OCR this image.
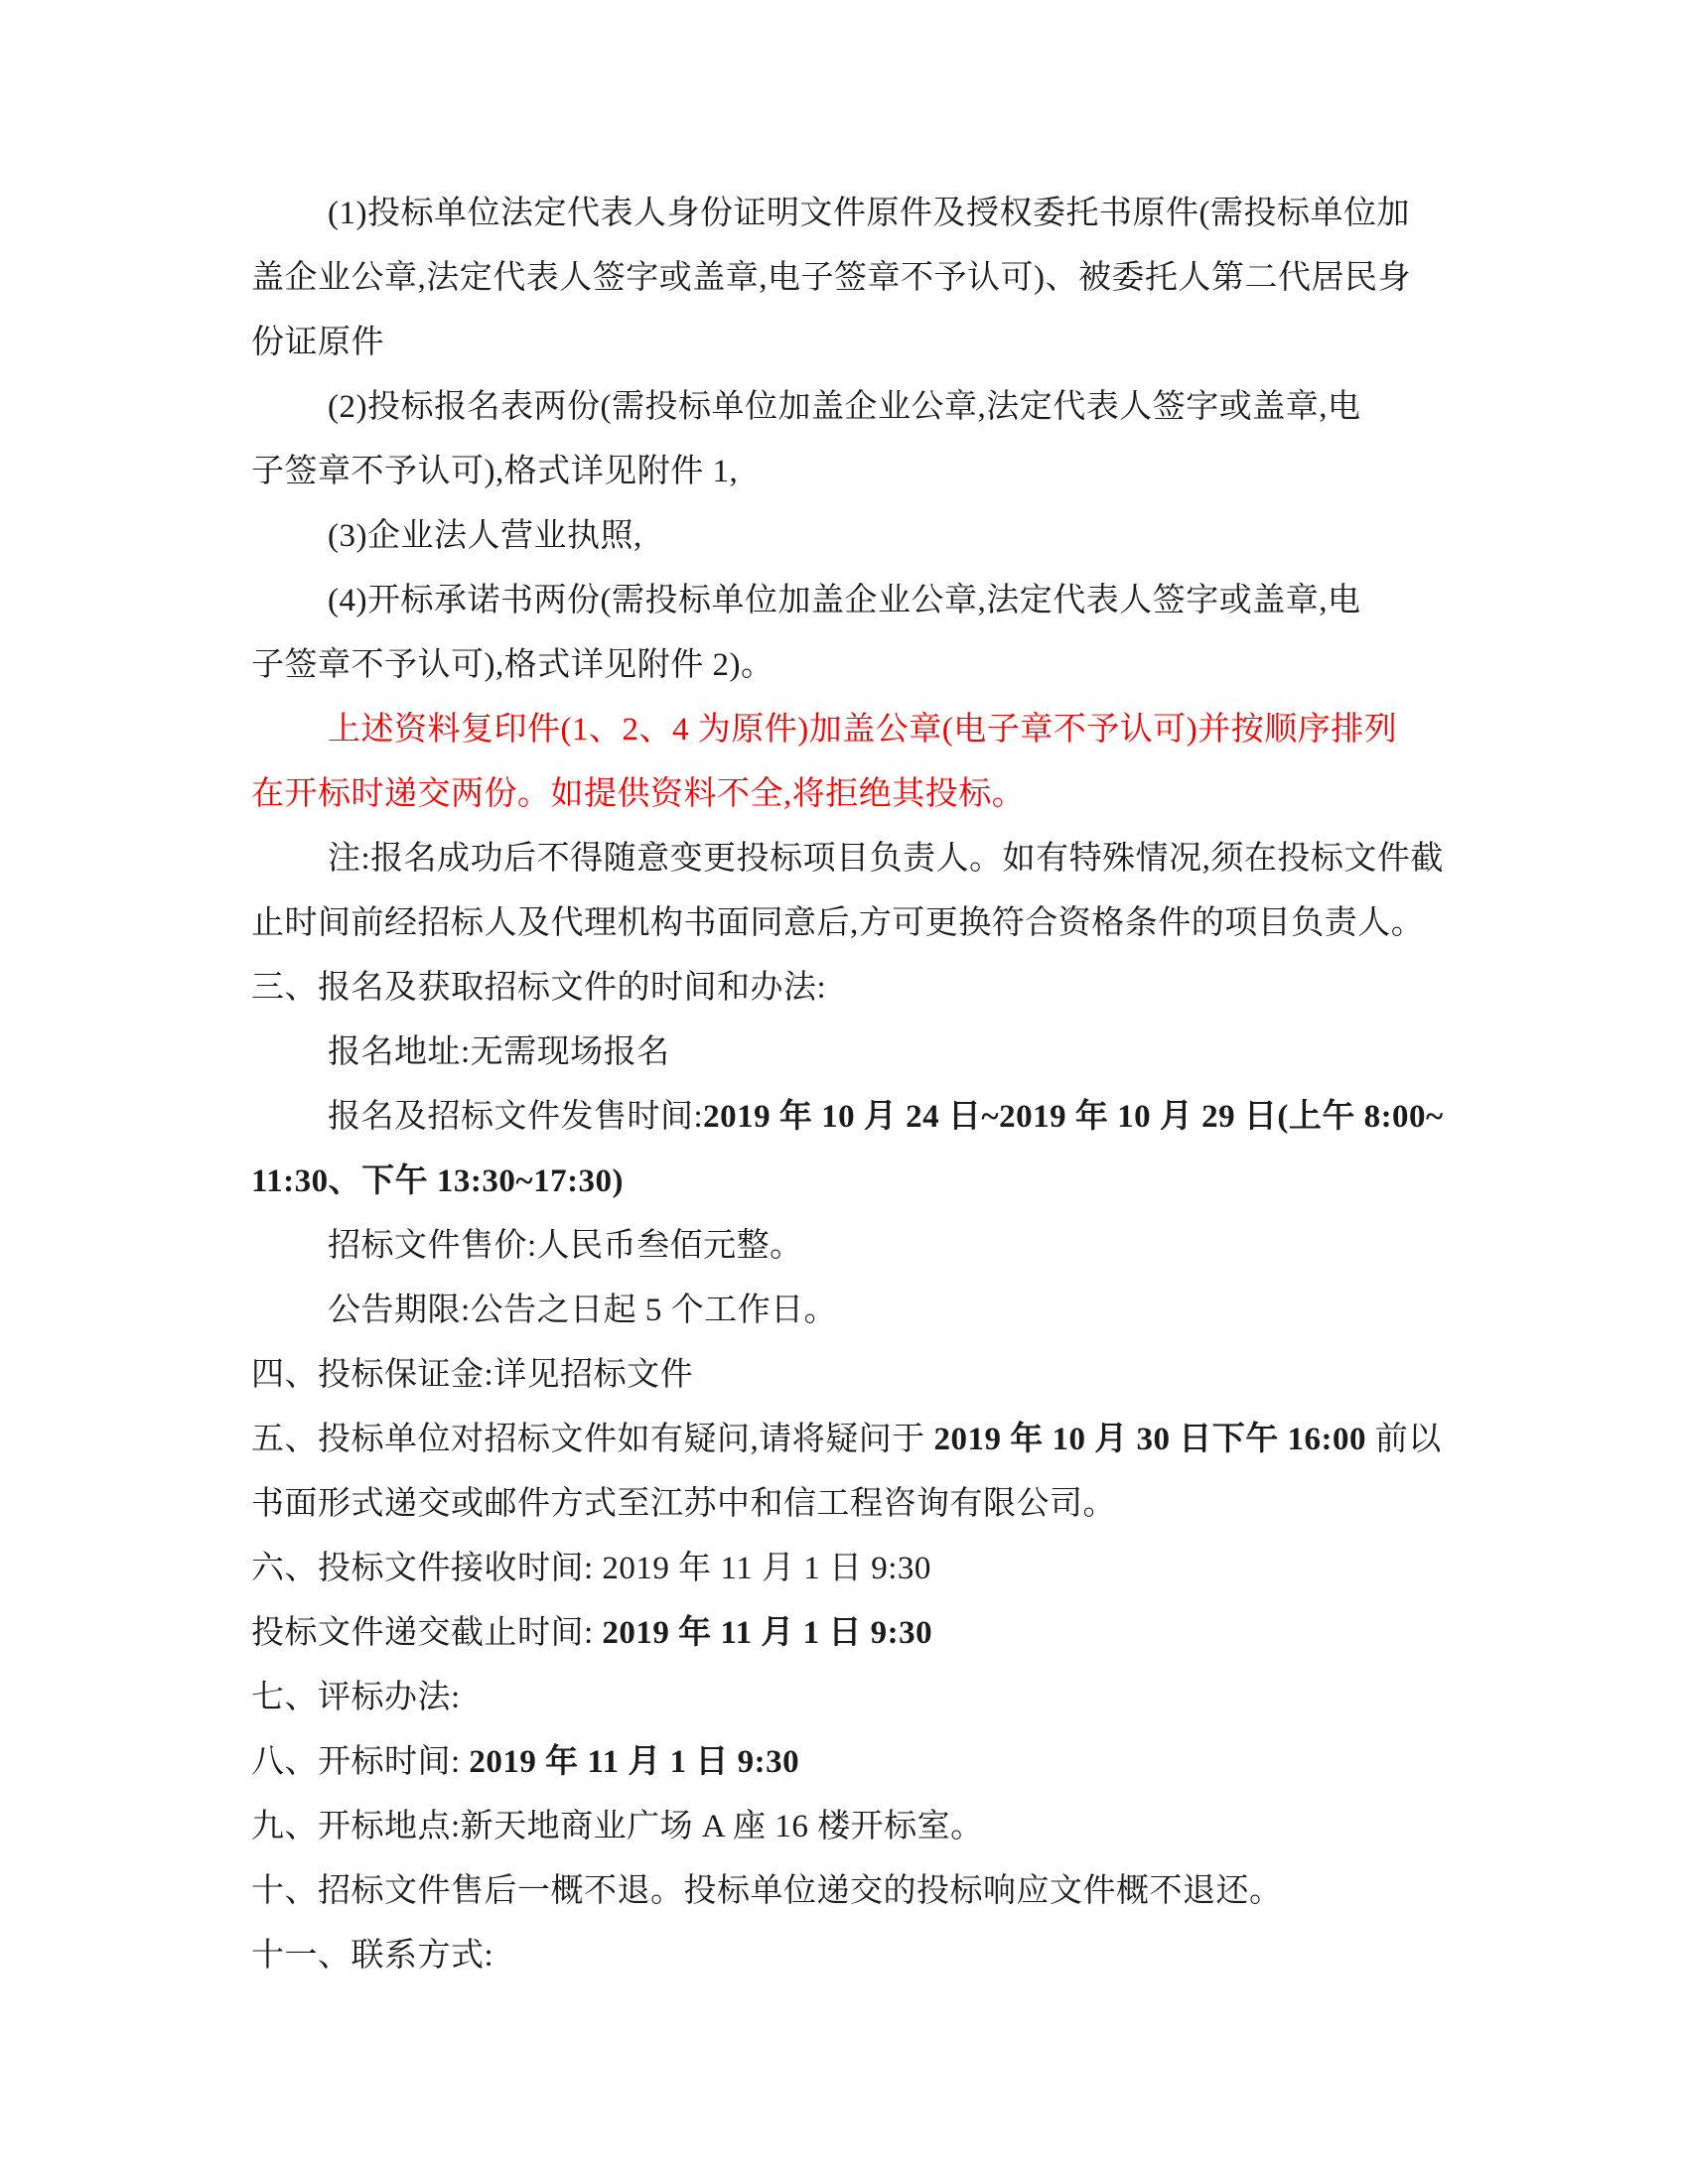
(1)投标单位法定代表人身份证明文件原件及授权委托书原件(需投标单位加
盖企业公章,法定代表人签字或盖章,电子签章不予认可)、被委托人第二代居民身
份证原件
(2)投标报名表两份(需投标单位加盖企业公章,法定代表人签字或盖章,电
子签章不予认可),格式详见附件 1,
(3)企业法人营业执照,
(4)开标承诺书两份(需投标单位加盖企业公章,法定代表人签字或盖章,电
子签章不予认可),格式详见附件 2)。
上述资料复印件(1、2、4 为原件)加盖公章(电子章不予认可)并按顺序排列
在开标时递交两份。如提供资料不全,将拒绝其投标。
注:报名成功后不得随意变更投标项目负责人。如有特殊情况,须在投标文件截
止时间前经招标人及代理机构书面同意后,方可更换符合资格条件的项目负责人。
三、报名及获取招标文件的时间和办法:
报名地址:无需现场报名
报名及招标文件发售时间:2019 年 10 月 24 日~2019 年 10 月 29 日(上午 8:00~
11:30、下午 13:30~17:30)
招标文件售价:人民币叁佰元整。
公告期限:公告之日起 5 个工作日。
四、投标保证金:详见招标文件
五、投标单位对招标文件如有疑问,请将疑问于 2019 年 10 月 30 日下午 16:00 前以
书面形式递交或邮件方式至江苏中和信工程咨询有限公司。
六、投标文件接收时间: 2019 年 11 月 1 日 9:30
投标文件递交截止时间: 2019 年 11 月 1 日 9:30
七、评标办法:
八、开标时间: 2019 年 11 月 1 日 9:30
九、开标地点:新天地商业广场 A 座 16 楼开标室。
十、招标文件售后一概不退。投标单位递交的投标响应文件概不退还。
十一、联系方式:
